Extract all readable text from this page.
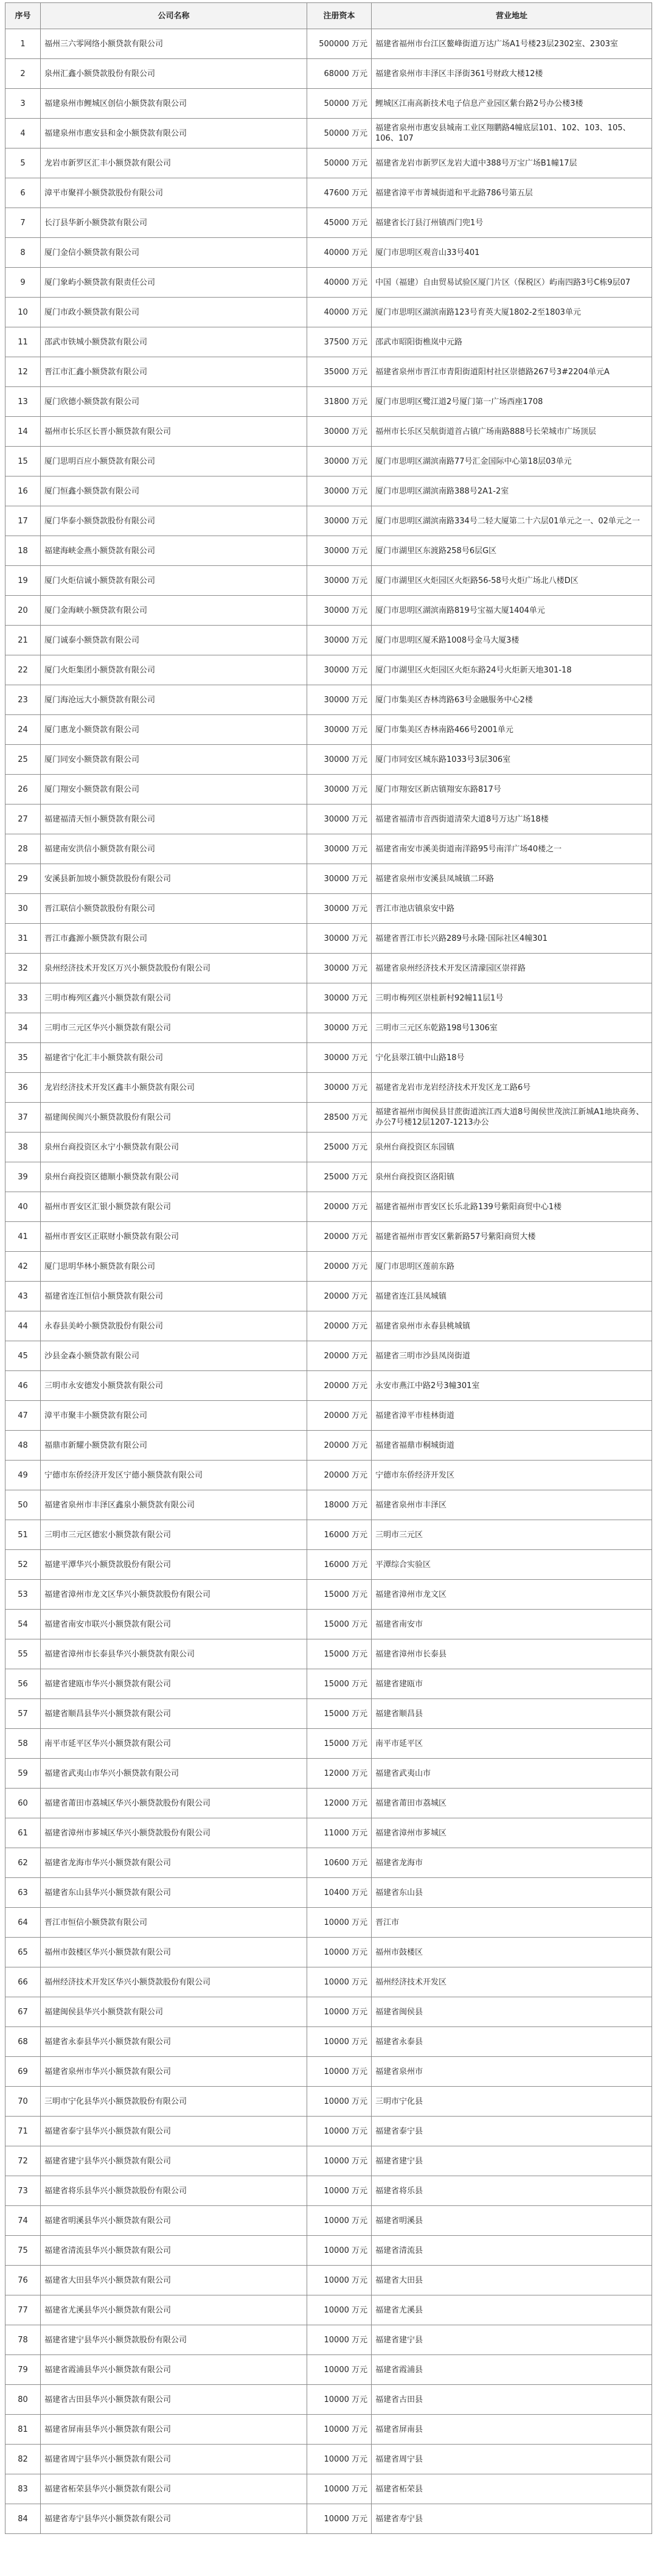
序号	公司名称	注册资本	营业地址
1	福州三六零网络小额贷款有限公司	500000 万元	福建省福州市台江区鳌峰街道万达广场A1号楼23层2302室、2303室
2	泉州汇鑫小额贷款股份有限公司	68000 万元	福建省泉州市丰泽区丰泽街361号财政大楼12楼
3	福建泉州市鲤城区创信小额贷款有限公司	50000 万元	鲤城区江南高新技术电子信息产业园区紫台路2号办公楼3楼
4	福建泉州市惠安县和金小额贷款有限公司	50000 万元	福建省泉州市惠安县城南工业区翔鹏路4幢底层101、102、103、105、106、107
5	龙岩市新罗区汇丰小额贷款有限公司	50000 万元	福建省龙岩市新罗区龙岩大道中388号万宝广场B1幢17层
6	漳平市聚祥小额贷款股份有限公司	47600 万元	福建省漳平市菁城街道和平北路786号第五层
7	长汀县华新小额贷款有限公司	45000 万元	福建省长汀县汀州镇西门兜1号
8	厦门金信小额贷款有限公司	40000 万元	厦门市思明区观音山33号401
9	厦门象屿小额贷款有限责任公司	40000 万元	中国（福建）自由贸易试验区厦门片区（保税区）屿南四路3号C栋9层07
10	厦门市政小额贷款有限公司	40000 万元	厦门市思明区湖滨南路123号育英大厦1802-2至1803单元
11	邵武市铁城小额贷款有限公司	37500 万元	邵武市昭阳街樵岚中元路
12	晋江市汇鑫小额贷款有限公司	35000 万元	福建省泉州市晋江市青阳街道阳村社区崇德路267号3#2204单元A
13	厦门欣德小额贷款有限公司	31800 万元	厦门市思明区鹭江道2号厦门第一广场西座1708
14	福州市长乐区长晋小额贷款有限公司	30000 万元	福州市长乐区吴航街道首占镇广场南路888号长荣城市广场顶层
15	厦门思明百应小额贷款有限公司	30000 万元	厦门市思明区湖滨南路77号汇金国际中心第18层03单元
16	厦门恒鑫小额贷款有限公司	30000 万元	厦门市思明区湖滨南路388号2A1-2室
17	厦门华泰小额贷款股份有限公司	30000 万元	厦门市思明区湖滨南路334号二轻大厦第二十六层01单元之一、02单元之一
18	福建海峡金燕小额贷款有限公司	30000 万元	厦门市湖里区东渡路258号6层G区
19	厦门火炬信诚小额贷款有限公司	30000 万元	厦门市湖里区火炬园区火炬路56-58号火炬广场北八楼D区
20	厦门金海峡小额贷款有限公司	30000 万元	厦门市思明区湖滨南路819号宝福大厦1404单元
21	厦门诚泰小额贷款有限公司	30000 万元	厦门市思明区厦禾路1008号金马大厦3楼
22	厦门火炬集团小额贷款有限公司	30000 万元	厦门市湖里区火炬园区火炬东路24号火炬新天地301-18
23	厦门海沧远大小额贷款有限公司	30000 万元	厦门市集美区杏林湾路63号金融服务中心2楼
24	厦门惠龙小额贷款有限公司	30000 万元	厦门市集美区杏林南路466号2001单元
25	厦门同安小额贷款有限公司	30000 万元	厦门市同安区城东路1033号3层306室
26	厦门翔安小额贷款有限公司	30000 万元	厦门市翔安区新店镇翔安东路817号
27	福建福清天恒小额贷款有限公司	30000 万元	福建省福清市音西街道清荣大道8号万达广场18楼
28	福建南安洪信小额贷款有限公司	30000 万元	福建省南安市溪美街道南洋路95号南洋广场40楼之一
29	安溪县新加坡小额贷款股份有限公司	30000 万元	福建省泉州市安溪县凤城镇二环路
30	晋江联信小额贷款股份有限公司	30000 万元	晋江市池店镇泉安中路
31	晋江市鑫源小额贷款有限公司	30000 万元	福建省晋江市长兴路289号永隆·国际社区4幢301
32	泉州经济技术开发区万兴小额贷款股份有限公司	30000 万元	福建省泉州经济技术开发区清濛园区崇祥路
33	三明市梅列区鑫兴小额贷款有限公司	30000 万元	三明市梅列区崇桂新村92幢11层1号
34	三明市三元区华兴小额贷款有限公司	30000 万元	三明市三元区东乾路198号1306室
35	福建省宁化汇丰小额贷款有限公司	30000 万元	宁化县翠江镇中山路18号
36	龙岩经济技术开发区鑫丰小额贷款有限公司	30000 万元	福建省龙岩市龙岩经济技术开发区龙工路6号
37	福建闽侯闽兴小额贷款股份有限公司	28500 万元	福建省福州市闽侯县甘蔗街道滨江西大道8号闽侯世茂滨江新城A1地块商务、办公7号楼12层1207-1213办公
38	泉州台商投资区永宁小额贷款有限公司	25000 万元	泉州台商投资区东园镇
39	泉州台商投资区德顺小额贷款有限公司	25000 万元	泉州台商投资区洛阳镇
40	福州市晋安区汇银小额贷款有限公司	20000 万元	福建省福州市晋安区长乐北路139号紫阳商贸中心1楼
41	福州市晋安区正联财小额贷款有限公司	20000 万元	福建省福州市晋安区紫新路57号紫阳商贸大楼
42	厦门思明华林小额贷款有限公司	20000 万元	厦门市思明区莲前东路
43	福建省连江恒信小额贷款有限公司	20000 万元	福建省连江县凤城镇
44	永春县美岭小额贷款股份有限公司	20000 万元	福建省泉州市永春县桃城镇
45	沙县金森小额贷款有限公司	20000 万元	福建省三明市沙县凤岗街道
46	三明市永安德发小额贷款有限公司	20000 万元	永安市燕江中路2号3幢301室
47	漳平市聚丰小额贷款有限公司	20000 万元	福建省漳平市桂林街道
48	福鼎市新耀小额贷款有限公司	20000 万元	福建省福鼎市桐城街道
49	宁德市东侨经济开发区宁德小额贷款有限公司	20000 万元	宁德市东侨经济开发区
50	福建省泉州市丰泽区鑫泉小额贷款有限公司	18000 万元	福建省泉州市丰泽区
51	三明市三元区德宏小额贷款有限公司	16000 万元	三明市三元区
52	福建平潭华兴小额贷款股份有限公司	16000 万元	平潭综合实验区
53	福建省漳州市龙文区华兴小额贷款股份有限公司	15000 万元	福建省漳州市龙文区
54	福建省南安市联兴小额贷款有限公司	15000 万元	福建省南安市
55	福建省漳州市长泰县华兴小额贷款有限公司	15000 万元	福建省漳州市长泰县
56	福建省建瓯市华兴小额贷款有限公司	15000 万元	福建省建瓯市
57	福建省顺昌县华兴小额贷款有限公司	15000 万元	福建省顺昌县
58	南平市延平区华兴小额贷款有限公司	15000 万元	南平市延平区
59	福建省武夷山市华兴小额贷款有限公司	12000 万元	福建省武夷山市
60	福建省莆田市荔城区华兴小额贷款股份有限公司	12000 万元	福建省莆田市荔城区
61	福建省漳州市芗城区华兴小额贷款股份有限公司	11000 万元	福建省漳州市芗城区
62	福建省龙海市华兴小额贷款有限公司	10600 万元	福建省龙海市
63	福建省东山县华兴小额贷款有限公司	10400 万元	福建省东山县
64	晋江市恒信小额贷款有限公司	10000 万元	晋江市
65	福州市鼓楼区华兴小额贷款有限公司	10000 万元	福州市鼓楼区
66	福州经济技术开发区华兴小额贷款股份有限公司	10000 万元	福州经济技术开发区
67	福建闽侯县华兴小额贷款有限公司	10000 万元	福建省闽侯县
68	福建省永泰县华兴小额贷款有限公司	10000 万元	福建省永泰县
69	福建省泉州市华兴小额贷款有限公司	10000 万元	福建省泉州市
70	三明市宁化县华兴小额贷款股份有限公司	10000 万元	三明市宁化县
71	福建省泰宁县华兴小额贷款有限公司	10000 万元	福建省泰宁县
72	福建省建宁县华兴小额贷款有限公司	10000 万元	福建省建宁县
73	福建省将乐县华兴小额贷款股份有限公司	10000 万元	福建省将乐县
74	福建省明溪县华兴小额贷款有限公司	10000 万元	福建省明溪县
75	福建省清流县华兴小额贷款有限公司	10000 万元	福建省清流县
76	福建省大田县华兴小额贷款有限公司	10000 万元	福建省大田县
77	福建省尤溪县华兴小额贷款有限公司	10000 万元	福建省尤溪县
78	福建省建宁县华兴小额贷款股份有限公司	10000 万元	福建省建宁县
79	福建省霞浦县华兴小额贷款有限公司	10000 万元	福建省霞浦县
80	福建省古田县华兴小额贷款有限公司	10000 万元	福建省古田县
81	福建省屏南县华兴小额贷款有限公司	10000 万元	福建省屏南县
82	福建省周宁县华兴小额贷款有限公司	10000 万元	福建省周宁县
83	福建省柘荣县华兴小额贷款有限公司	10000 万元	福建省柘荣县
84	福建省寿宁县华兴小额贷款有限公司	10000 万元	福建省寿宁县
